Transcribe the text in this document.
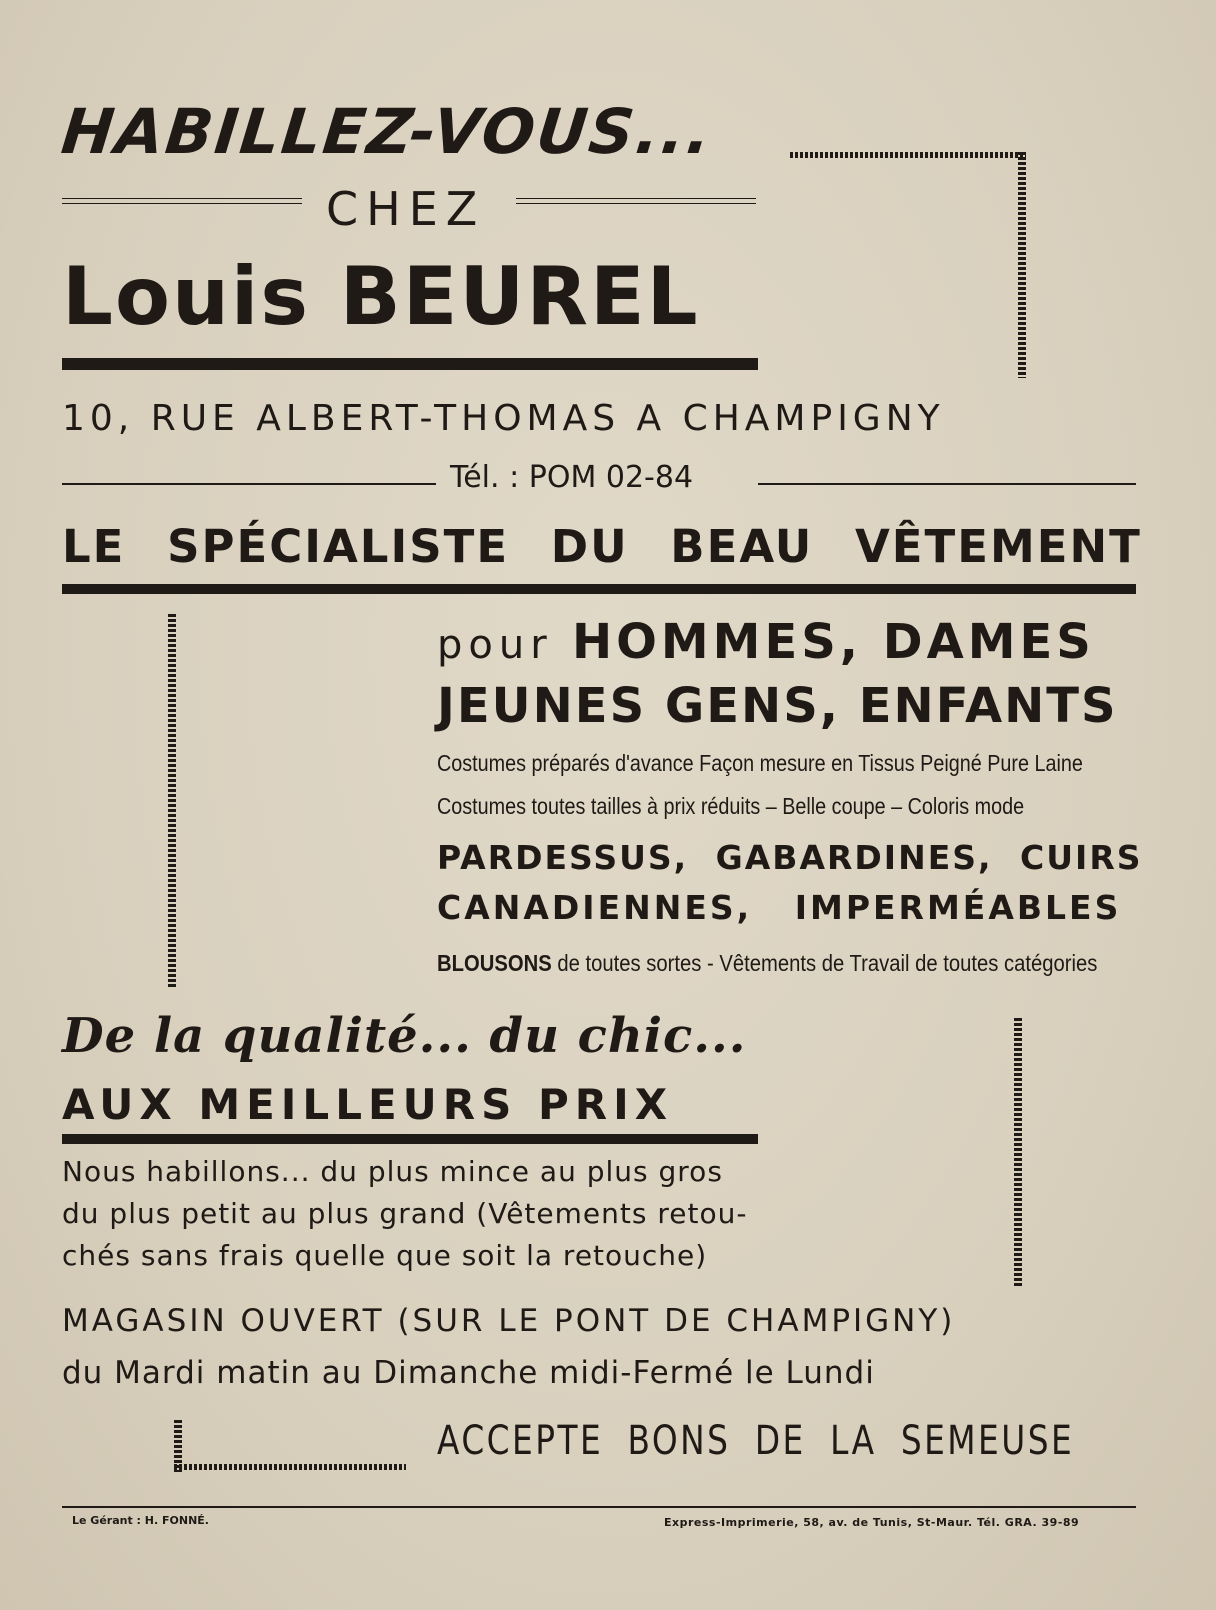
HABILLEZ-VOUS...
CHEZ
Louis BEUREL
10, RUE ALBERT-THOMAS A CHAMPIGNY
Tél. : POM 02-84
LE SPÉCIALISTE DU BEAU VÊTEMENT
pour HOMMES, DAMES
JEUNES GENS, ENFANTS
Costumes préparés d'avance Façon mesure en Tissus Peigné Pure Laine
Costumes toutes tailles à prix réduits – Belle coupe – Coloris mode
PARDESSUS, GABARDINES, CUIRS
CANADIENNES, IMPERMÉABLES
BLOUSONS de toutes sortes - Vêtements de Travail de toutes catégories
De la qualité... du chic...
AUX MEILLEURS PRIX
Nous habillons... du plus mince au plus gros
du plus petit au plus grand (Vêtements retou-
chés sans frais quelle que soit la retouche)
MAGASIN OUVERT (SUR LE PONT DE CHAMPIGNY)
du Mardi matin au Dimanche midi-Fermé le Lundi
ACCEPTE BONS DE LA SEMEUSE
Le Gérant : H. FONNÉ.	Express-Imprimerie, 58, av. de Tunis, St-Maur. Tél. GRA. 39-89
